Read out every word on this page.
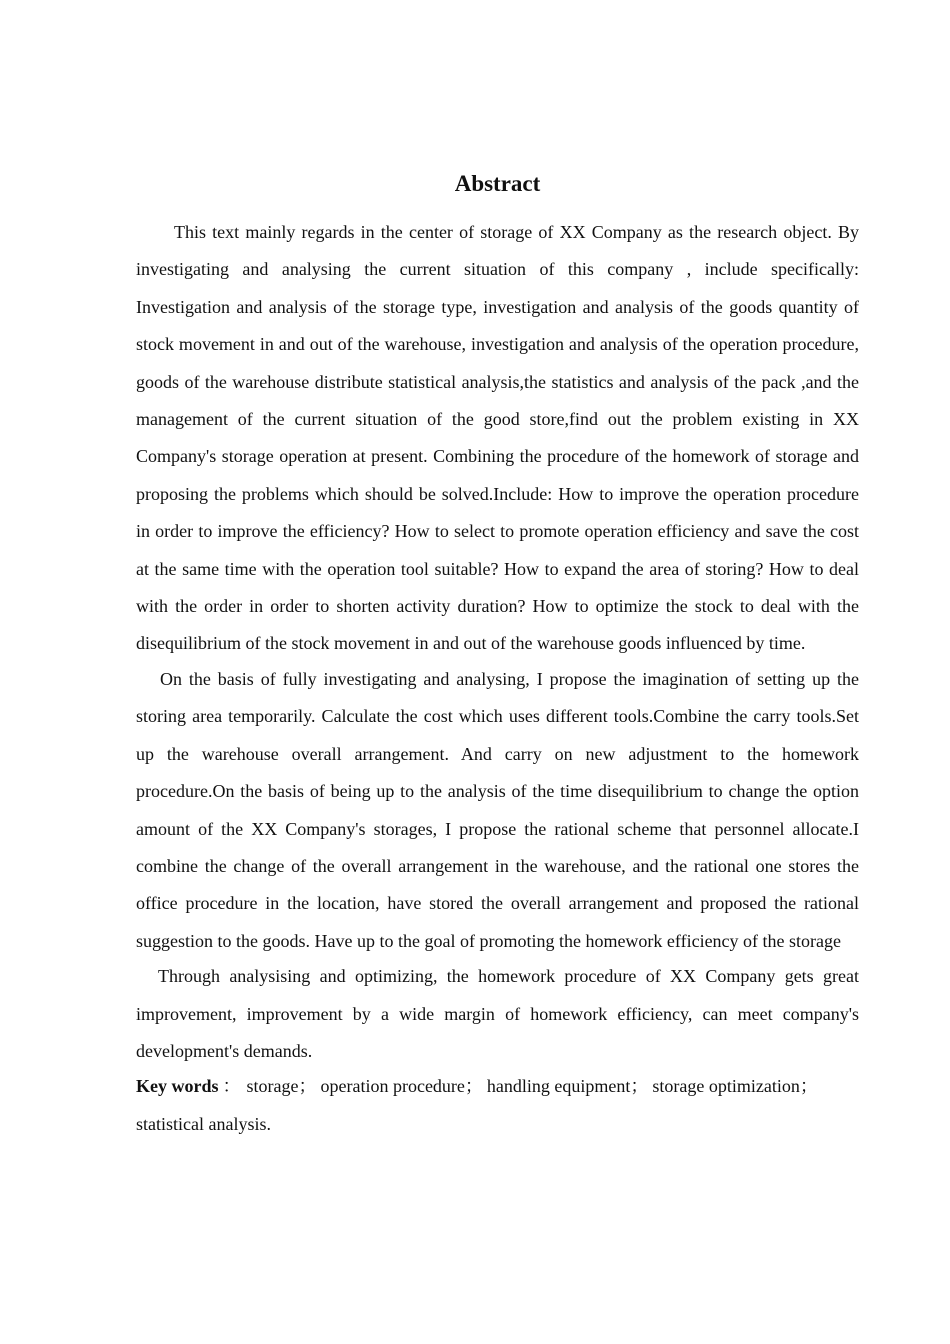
Abstract

This text mainly regards in the center of storage of XX Company as the research object. By investigating and analysing the current situation of this company , include specifically: Investigation and analysis of the storage type, investigation and analysis of the goods quantity of stock movement in and out of the warehouse, investigation and analysis of the operation procedure, goods of the warehouse distribute statistical analysis,the statistics and analysis of the pack ,and the management of the current situation of the good store,find out the problem existing in XX Company's storage operation at present. Combining the procedure of the homework of storage and proposing the problems which should be solved.Include: How to improve the operation procedure in order to improve the efficiency? How to select to promote operation efficiency and save the cost at the same time with the operation tool suitable? How to expand the area of storing? How to deal with the order in order to shorten activity duration? How to optimize the stock to deal with the disequilibrium of the stock movement in and out of the warehouse goods influenced by time.

On the basis of fully investigating and analysing, I propose the imagination of setting up the storing area temporarily. Calculate the cost which uses different tools.Combine the carry tools.Set up the warehouse overall arrangement. And carry on new adjustment to the homework procedure.On the basis of being up to the analysis of the time disequilibrium to change the option amount of the XX Company's storages, I propose the rational scheme that personnel allocate.I combine the change of the overall arrangement in the warehouse, and the rational one stores the office procedure in the location, have stored the overall arrangement and proposed the rational suggestion to the goods. Have up to the goal of promoting the homework efficiency of the storage

Through analysising and optimizing, the homework procedure of XX Company gets great improvement, improvement by a wide margin of homework efficiency, can meet company's development's demands.

Key words ： storage； operation procedure； handling equipment； storage optimization；
statistical analysis.
